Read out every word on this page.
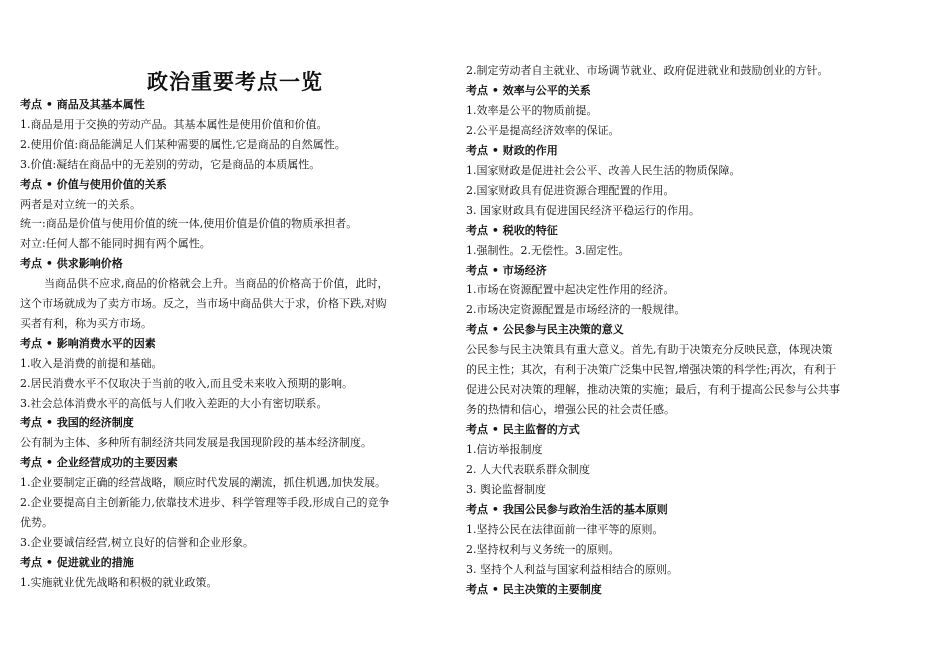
政治重要考点一览
考点 • 商品及其基本属性
1.商品是用于交换的劳动产品。其基本属性是使用价值和价值。
2.使用价值:商品能满足人们某种需要的属性,它是商品的自然属性。
3.价值:凝结在商品中的无差别的劳动，它是商品的本质属性。
考点 • 价值与使用价值的关系
两者是对立统一的关系。
统一:商品是价值与使用价值的统一体,使用价值是价值的物质承担者。
对立:任何人都不能同时拥有两个属性。
考点 • 供求影响价格
当商品供不应求,商品的价格就会上升。当商品的价格高于价值，此时，
这个市场就成为了卖方市场。反之，当市场中商品供大于求，价格下跌,对购
买者有利，称为买方市场。
考点 • 影响消费水平的因素
1.收入是消费的前提和基础。
2.居民消费水平不仅取决于当前的收入,而且受未来收入预期的影响。
3.社会总体消费水平的高低与人们收入差距的大小有密切联系。
考点 • 我国的经济制度
公有制为主体、多种所有制经济共同发展是我国现阶段的基本经济制度。
考点 • 企业经营成功的主要因素
1.企业要制定正确的经营战略，顺应时代发展的潮流，抓住机遇,加快发展。
2.企业要提高自主创新能力,依靠技术进步、科学管理等手段,形成自己的竞争
优势。
3.企业要诚信经营,树立良好的信誉和企业形象。
考点 • 促进就业的措施
1.实施就业优先战略和积极的就业政策。
2.制定劳动者自主就业、市场调节就业、政府促进就业和鼓励创业的方针。
考点 • 效率与公平的关系
1.效率是公平的物质前提。
2.公平是提高经济效率的保证。
考点 • 财政的作用
1.国家财政是促进社会公平、改善人民生活的物质保障。
2.国家财政具有促进资源合理配置的作用。
3. 国家财政具有促进国民经济平稳运行的作用。
考点 • 税收的特征
1.强制性。2.无偿性。3.固定性。
考点 • 市场经济
1.市场在资源配置中起决定性作用的经济。
2.市场决定资源配置是市场经济的一般规律。
考点 • 公民参与民主决策的意义
公民参与民主决策具有重大意义。首先,有助于决策充分反映民意，体现决策
的民主性；其次，有利于决策广泛集中民智,增强决策的科学性;再次，有利于
促进公民对决策的理解，推动决策的实施；最后，有利于提高公民参与公共事
务的热情和信心，增强公民的社会责任感。
考点 • 民主监督的方式
1.信访举报制度
2. 人大代表联系群众制度
3. 舆论监督制度
考点 • 我国公民参与政治生活的基本原则
1.坚持公民在法律面前一律平等的原则。
2.坚持权利与义务统一的原则。
3. 坚持个人利益与国家利益相结合的原则。
考点 • 民主决策的主要制度
